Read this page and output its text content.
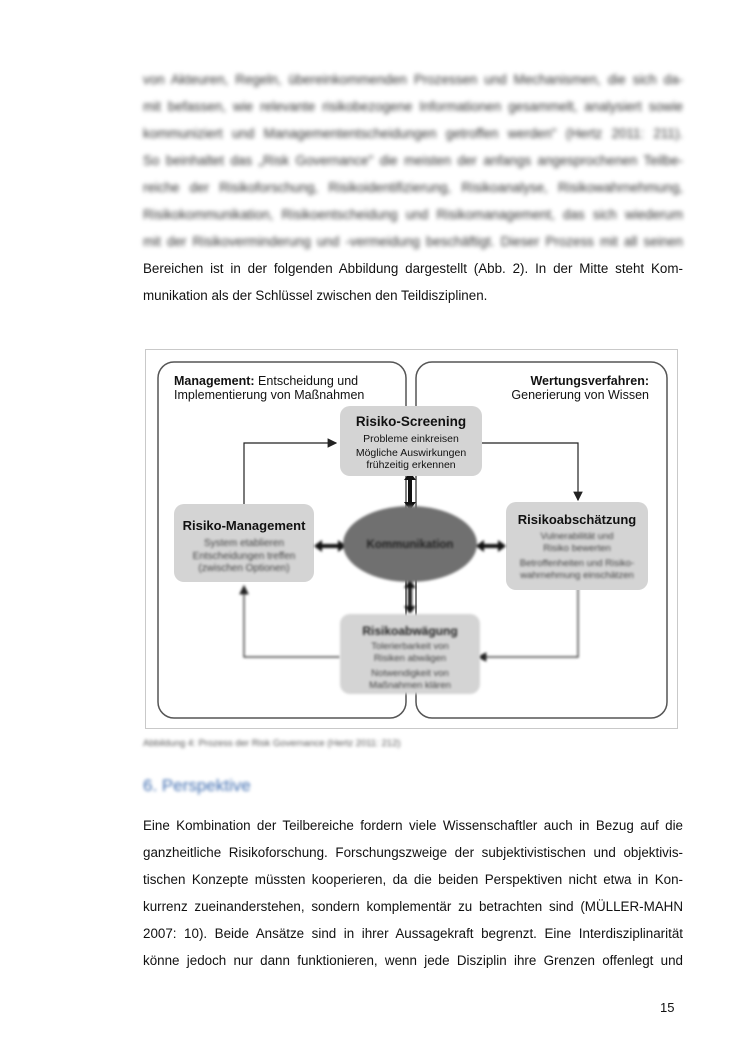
von Akteuren, Regeln, übereinkommenden Prozessen und Mechanismen, die sich da-
mit befassen, wie relevante risikobezogene Informationen gesammelt, analysiert sowie
kommuniziert und Managemententscheidungen getroffen werden" (Hertz 2011: 211).
So beinhaltet das „Risk Governance" die meisten der anfangs angesprochenen Teilbe-
reiche der Risikoforschung, Risikoidentifizierung, Risikoanalyse, Risikowahrnehmung,
Risikokommunikation, Risikoentscheidung und Risikomanagement, das sich wiederum
mit der Risikoverminderung und -vermeidung beschäftigt. Dieser Prozess mit all seinen
Bereichen ist in der folgenden Abbildung dargestellt (Abb. 2). In der Mitte steht Kom-
munikation als der Schlüssel zwischen den Teildisziplinen.
Management: Entscheidung und
Implementierung von Maßnahmen
Wertungsverfahren:
Generierung von Wissen
Risiko-Screening
Probleme einkreisen
Mögliche Auswirkungen
frühzeitig erkennen
Risiko-Management
System etablieren
Entscheidungen treffen
(zwischen Optionen)
Risikoabschätzung
Vulnerabilität und
Risiko bewerten
Betroffenheiten und Risiko-
wahrnehmung einschätzen
Kommunikation
Risikoabwägung
Tolerierbarkeit von
Risiken abwägen
Notwendigkeit von
Maßnahmen klären
Abbildung 4: Prozess der Risk Governance (Hertz 2011: 212)
6. Perspektive
Eine Kombination der Teilbereiche fordern viele Wissenschaftler auch in Bezug auf die
ganzheitliche Risikoforschung. Forschungszweige der subjektivistischen und objektivis-
tischen Konzepte müssten kooperieren, da die beiden Perspektiven nicht etwa in Kon-
kurrenz zueinanderstehen, sondern komplementär zu betrachten sind (MÜLLER-MAHN
2007: 10). Beide Ansätze sind in ihrer Aussagekraft begrenzt. Eine Interdisziplinarität
könne jedoch nur dann funktionieren, wenn jede Disziplin ihre Grenzen offenlegt und
15
